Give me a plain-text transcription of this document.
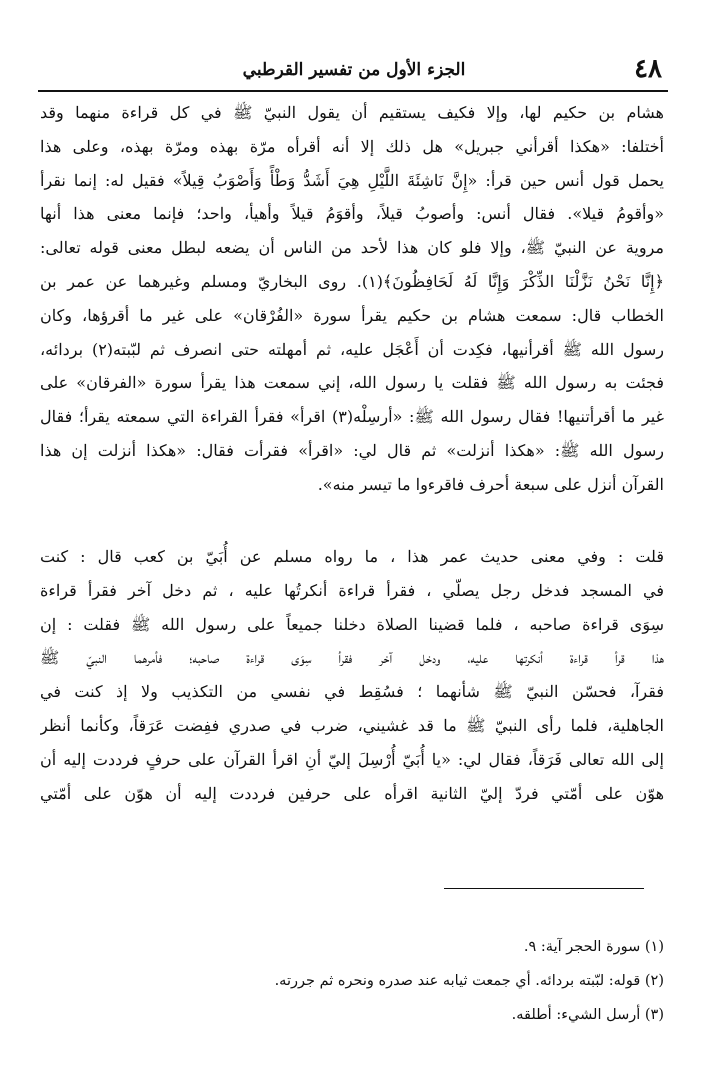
٤٨
الجزء الأول من تفسير القرطبي
هشام بن حكيم لها، وإلا فكيف يستقيم أن يقول النبيّ ﷺ في كل قراءة منهما وقد
أختلفا: «هكذا أقرأني جبريل» هل ذلك إلا أنه أقرأه مرّة بهذه ومرّة بهذه، وعلى هذا
يحمل قول أنس حين قرأ: «إِنَّ نَاشِئَةَ اللَّيْلِ هِيَ أَشَدُّ وَطْأً وَأَصْوَبُ قِيلاً» فقيل له: إنما نقرأ
«وأقومُ قيلا». فقال أنس: وأصوبُ قيلاً، وأقوَمُ قيلاً وأهيأ، واحد؛ فإنما معنى هذا أنها
مروية عن النبيّ ﷺ، وإلا فلو كان هذا لأحد من الناس أن يضعه لبطل معنى قوله تعالى:
﴿إِنَّا نَحْنُ نَزَّلْنَا الذِّكْرَ وَإِنَّا لَهُ لَحَافِظُونَ﴾(١). روى البخاريّ ومسلم وغيرهما عن عمر بن
الخطاب قال: سمعت هشام بن حكيم يقرأ سورة «الفُرْقان» على غير ما أقرؤها، وكان
رسول الله ﷺ أقرأنيها، فكِدت أن أَعْجَل عليه، ثم أمهلته حتى انصرف ثم لبّبته(٢) بردائه،
فجئت به رسول الله ﷺ فقلت يا رسول الله، إني سمعت هذا يقرأ سورة «الفرقان» على
غير ما أقرأتنيها! فقال رسول الله ﷺ: «أرسِلْه(٣) اقرأ» فقرأ القراءة التي سمعته يقرأ؛ فقال
رسول الله ﷺ: «هكذا أنزلت» ثم قال لي: «اقرأ» فقرأت فقال: «هكذا أنزلت إن هذا
القرآن أنزل على سبعة أحرف فاقرءوا ما تيسر منه».
قلت : وفي معنى حديث عمر هذا ، ما رواه مسلم عن أُبَيّ بن كعب قال : كنت
في المسجد فدخل رجل يصلّي ، فقرأ قراءة أنكرتُها عليه ، ثم دخل آخر فقرأ قراءة
سِوَى قراءة صاحبه ، فلما قضينا الصلاة دخلنا جميعاً على رسول الله ﷺ فقلت : إن
هذا قرأ قراءة أنكرتها عليه، ودخل آخر فقرأ سِوَى قراءة صاحبه؛ فأمرهما النبيّ ﷺ
فقرآ، فحسّن النبيّ ﷺ شأنهما ؛ فسُقِط في نفسي من التكذيب ولا إذ كنت في
الجاهلية، فلما رأى النبيّ ﷺ ما قد غشيني، ضرب في صدري ففِضت عَرَقاً، وكأنما أنظر
إلى الله تعالى فَرَقاً، فقال لي: «يا أُبَيّ أُرْسِلَ إليّ أنِ اقرأ القرآن على حرفٍ فرددت إليه أن
هوّن على أمّتي فردّ إليّ الثانية اقرأه على حرفين فرددت إليه أن هوّن على أمّتي
(١) سورة الحجر آية: ٩.
(٢) قوله: لبّبته بردائه. أي جمعت ثيابه عند صدره ونحره ثم جررته.
(٣) أرسل الشيء: أطلقه.
